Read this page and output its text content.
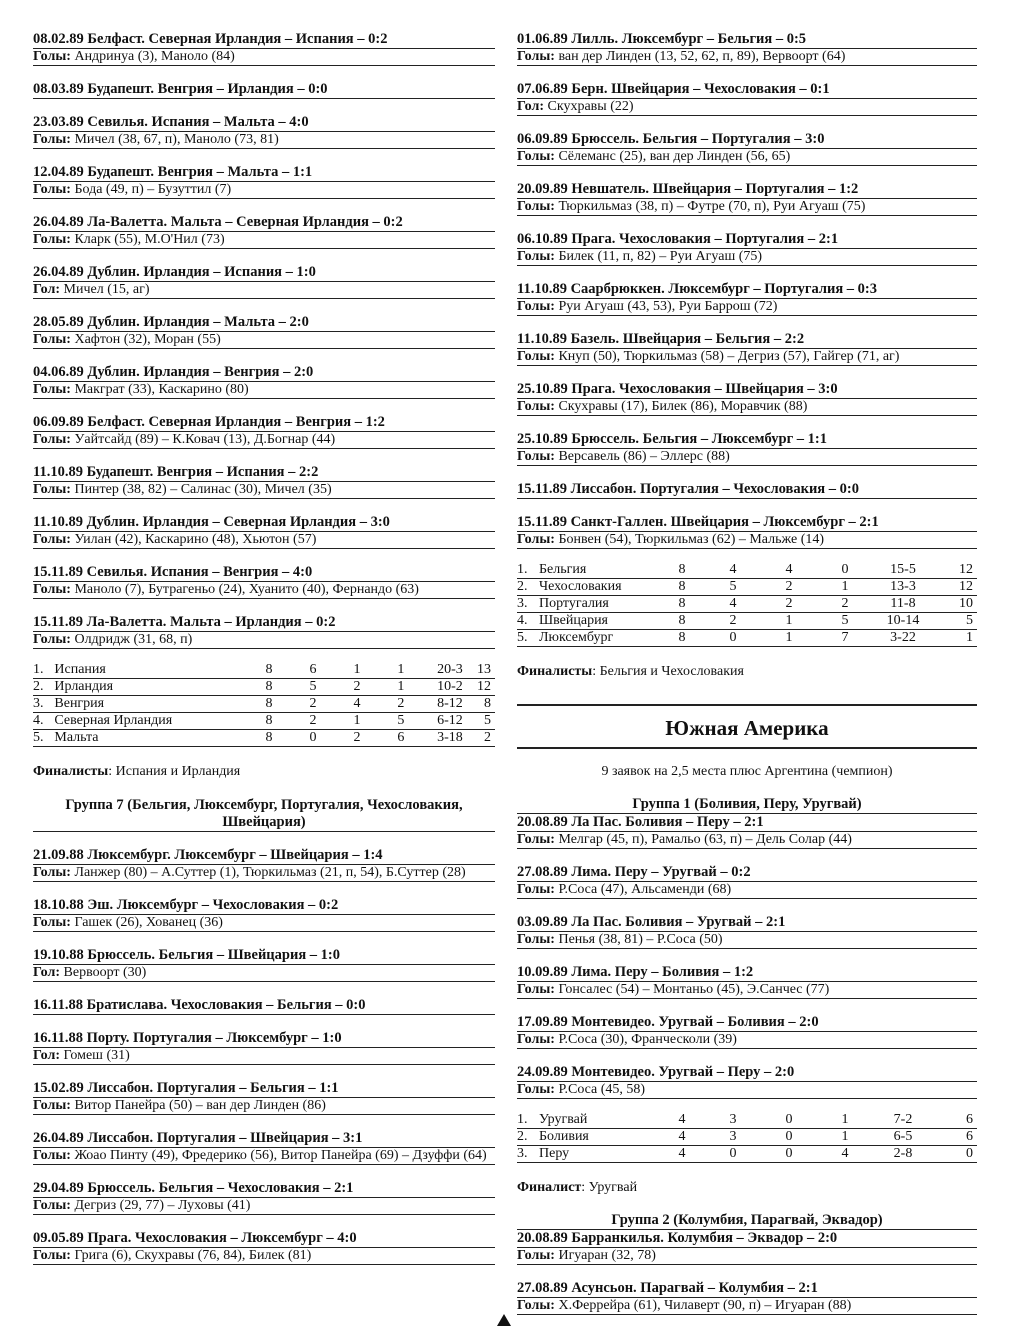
08.02.89 Белфаст. Северная Ирландия – Испания – 0:2
Голы: Андринуа (3), Маноло (84)
08.03.89 Будапешт. Венгрия – Ирландия – 0:0
23.03.89 Севилья. Испания – Мальта – 4:0
Голы: Мичел (38, 67, п), Маноло (73, 81)
12.04.89 Будапешт. Венгрия – Мальта – 1:1
Голы: Бода (49, п) – Бузуттил (7)
26.04.89 Ла-Валетта. Мальта – Северная Ирландия – 0:2
Голы: Кларк (55), М.О'Нил (73)
26.04.89 Дублин. Ирландия – Испания – 1:0
Гол: Мичел (15, аг)
28.05.89 Дублин. Ирландия – Мальта – 2:0
Голы: Хафтон (32), Моран (55)
04.06.89 Дублин. Ирландия – Венгрия – 2:0
Голы: Макграт (33), Каскарино (80)
06.09.89 Белфаст. Северная Ирландия – Венгрия – 1:2
Голы: Уайтсайд (89) – К.Ковач (13), Д.Богнар (44)
11.10.89 Будапешт. Венгрия – Испания – 2:2
Голы: Пинтер (38, 82) – Салинас (30), Мичел (35)
11.10.89 Дублин. Ирландия – Северная Ирландия – 3:0
Голы: Уилан (42), Каскарино (48), Хьютон (57)
15.11.89 Севилья. Испания – Венгрия – 4:0
Голы: Маноло (7), Бутрагеньо (24), Хуанито (40), Фернандо (63)
15.11.89 Ла-Валетта. Мальта – Ирландия – 0:2
Голы: Олдридж (31, 68, п)
1.	Испания	8	6	1	1	20-3	13
2.	Ирландия	8	5	2	1	10-2	12
3.	Венгрия	8	2	4	2	8-12	8
4.	Северная Ирландия	8	2	1	5	6-12	5
5.	Мальта	8	0	2	6	3-18	2
Финалисты: Испания и Ирландия
Группа 7 (Бельгия, Люксембург, Португалия, Чехословакия, Швейцария)
21.09.88 Люксембург. Люксембург – Швейцария – 1:4
Голы: Ланжер (80) – А.Суттер (1), Тюркильмаз (21, п, 54), Б.Суттер (28)
18.10.88 Эш. Люксембург – Чехословакия – 0:2
Голы: Гашек (26), Хованец (36)
19.10.88 Брюссель. Бельгия – Швейцария – 1:0
Гол: Вервоорт (30)
16.11.88 Братислава. Чехословакия – Бельгия – 0:0
16.11.88 Порту. Португалия – Люксембург – 1:0
Гол: Гомеш (31)
15.02.89 Лиссабон. Португалия – Бельгия – 1:1
Голы: Витор Панейра (50) – ван дер Линден (86)
26.04.89 Лиссабон. Португалия – Швейцария – 3:1
Голы: Жоао Пинту (49), Фредерико (56), Витор Панейра (69) – Дзуффи (64)
29.04.89 Брюссель. Бельгия – Чехословакия – 2:1
Голы: Дегриз (29, 77) – Луховы (41)
09.05.89 Прага. Чехословакия – Люксембург – 4:0
Голы: Грига (6), Скухравы (76, 84), Билек (81)
01.06.89 Лилль. Люксембург – Бельгия – 0:5
Голы: ван дер Линден (13, 52, 62, п, 89), Вервоорт (64)
07.06.89 Берн. Швейцария – Чехословакия – 0:1
Гол: Скухравы (22)
06.09.89 Брюссель. Бельгия – Португалия – 3:0
Голы: Сёлеманс (25), ван дер Линден (56, 65)
20.09.89 Невшатель. Швейцария – Португалия – 1:2
Голы: Тюркильмаз (38, п) – Футре (70, п), Руи Агуаш (75)
06.10.89 Прага. Чехословакия – Португалия – 2:1
Голы: Билек (11, п, 82) – Руи Агуаш (75)
11.10.89 Саарбрюккен. Люксембург – Португалия – 0:3
Голы: Руи Агуаш (43, 53), Руи Баррош (72)
11.10.89 Базель. Швейцария – Бельгия – 2:2
Голы: Кнуп (50), Тюркильмаз (58) – Дегриз (57), Гайгер (71, аг)
25.10.89 Прага. Чехословакия – Швейцария – 3:0
Голы: Скухравы (17), Билек (86), Моравчик (88)
25.10.89 Брюссель. Бельгия – Люксембург – 1:1
Голы: Версавель (86) – Эллерс (88)
15.11.89 Лиссабон. Португалия – Чехословакия – 0:0
15.11.89 Санкт-Галлен. Швейцария – Люксембург – 2:1
Голы: Бонвен (54), Тюркильмаз (62) – Мальже (14)
1.	Бельгия	8	4	4	0	15-5	12
2.	Чехословакия	8	5	2	1	13-3	12
3.	Португалия	8	4	2	2	11-8	10
4.	Швейцария	8	2	1	5	10-14	5
5.	Люксембург	8	0	1	7	3-22	1
Финалисты: Бельгия и Чехословакия
Южная Америка
9 заявок на 2,5 места плюс Аргентина (чемпион)
Группа 1 (Боливия, Перу, Уругвай)
20.08.89 Ла Пас. Боливия – Перу – 2:1
Голы: Мелгар (45, п), Рамальо (63, п) – Дель Солар (44)
27.08.89 Лима. Перу – Уругвай – 0:2
Голы: Р.Соса (47), Альсаменди (68)
03.09.89 Ла Пас. Боливия – Уругвай – 2:1
Голы: Пенья (38, 81) – Р.Соса (50)
10.09.89 Лима. Перу – Боливия – 1:2
Голы: Гонсалес (54) – Монтаньо (45), Э.Санчес (77)
17.09.89 Монтевидео. Уругвай – Боливия – 2:0
Голы: Р.Соса (30), Франческоли (39)
24.09.89 Монтевидео. Уругвай – Перу – 2:0
Голы: Р.Соса (45, 58)
1.	Уругвай	4	3	0	1	7-2	6
2.	Боливия	4	3	0	1	6-5	6
3.	Перу	4	0	0	4	2-8	0
Финалист: Уругвай
Группа 2 (Колумбия, Парагвай, Эквадор)
20.08.89 Барранкилья. Колумбия – Эквадор – 2:0
Голы: Игуаран (32, 78)
27.08.89 Асунсьон. Парагвай – Колумбия – 2:1
Голы: Х.Феррейра (61), Чилаверт (90, п) – Игуаран (88)
